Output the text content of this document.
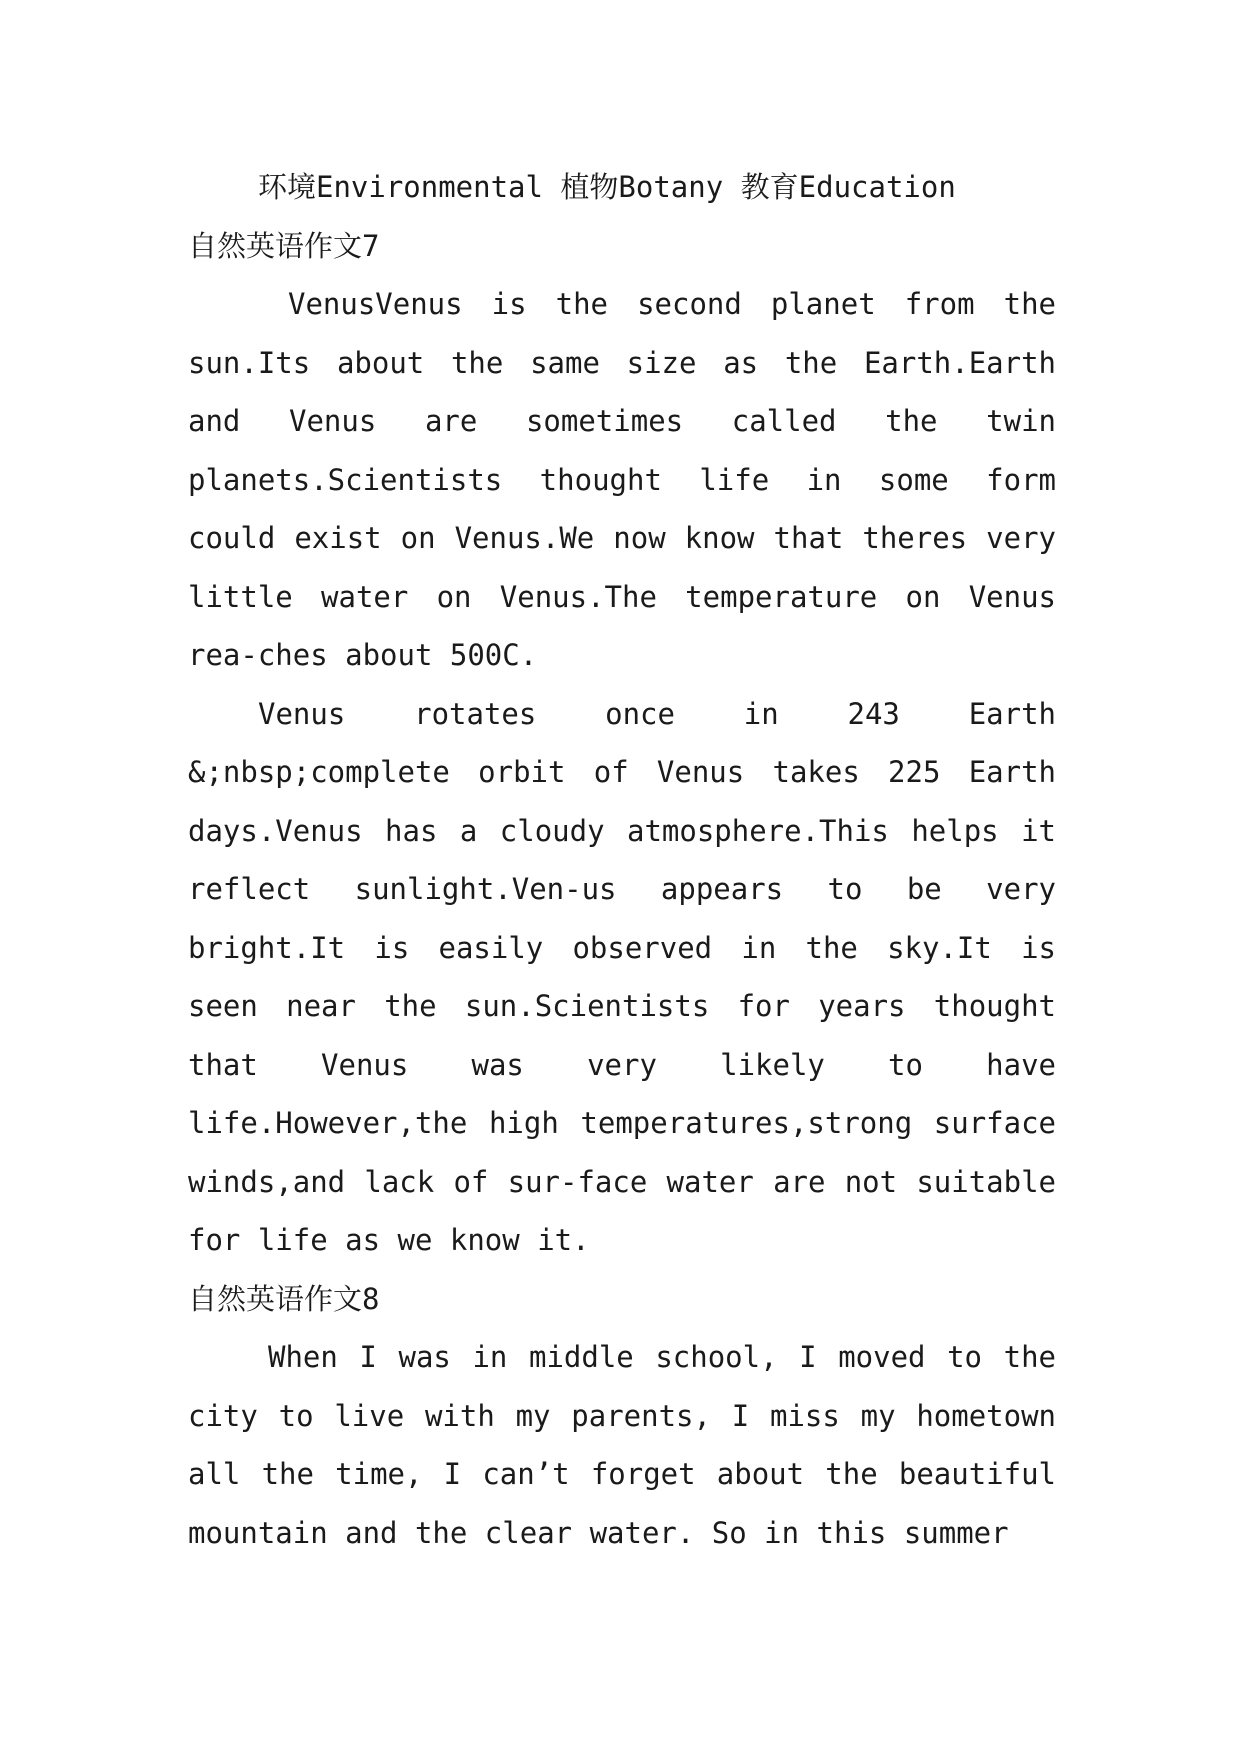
环境Environmental 植物Botany 教育Education
自然英语作文7

VenusVenus is the second planet from the sun.Its about the same size as the Earth.Earth and Venus are sometimes called the twin planets.Scientists thought life in some form could exist on Venus.We now know that theres very little water on Venus.The temperature on Venus rea-ches about 500C.

Venus rotates once in 243 Earth &;nbsp;complete orbit of Venus takes 225 Earth days.Venus has a cloudy atmosphere.This helps it reflect sunlight.Ven-us appears to be very bright.It is easily observed in the sky.It is seen near the sun.Scientists for years thought that Venus was very likely to have life.However,the high temperatures,strong surface winds,and lack of sur-face water are not suitable for life as we know it.

自然英语作文8

When I was in middle school, I moved to the city to live with my parents, I miss my hometown all the time, I can’t forget about the beautiful mountain and the clear water. So in this summer
